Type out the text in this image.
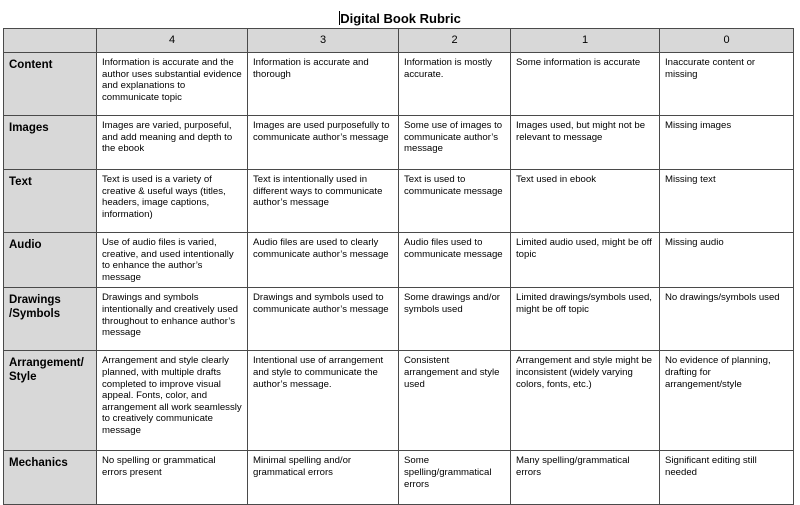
Digital Book Rubric
	4	3	2	1	0
Content	Information is accurate and the author uses substantial evidence and explanations to communicate topic	Information is accurate and thorough	Information is mostly accurate.	Some information is accurate	Inaccurate content or missing
Images	Images are varied, purposeful, and add meaning and depth to the ebook	Images are used purposefully to communicate author’s message	Some use of images to communicate author’s message	Images used, but might not be relevant to message	Missing images
Text	Text is used is a variety of creative & useful ways (titles, headers, image captions, information)	Text is intentionally used in different ways to communicate author’s message	Text is used to communicate message	Text used in ebook	Missing text
Audio	Use of audio files is varied, creative, and used intentionally to enhance the author’s message	Audio files are used to clearly communicate author’s message	Audio files used to communicate message	Limited audio used, might be off topic	Missing audio
Drawings /Symbols	Drawings and symbols intentionally and creatively used throughout to enhance author’s message	Drawings and symbols used to communicate author’s message	Some drawings and/or symbols used	Limited drawings/symbols used, might be off topic	No drawings/symbols used
Arrangement/ Style	Arrangement and style clearly planned, with multiple drafts completed to improve visual appeal. Fonts, color, and arrangement all work seamlessly to creatively communicate message	Intentional use of arrangement and style to communicate the author’s message.	Consistent arrangement and style used	Arrangement and style might be inconsistent (widely varying colors, fonts, etc.)	No evidence of planning, drafting for arrangement/style
Mechanics	No spelling or grammatical errors present	Minimal spelling and/or grammatical errors	Some spelling/grammatical errors	Many spelling/grammatical errors	Significant editing still needed
